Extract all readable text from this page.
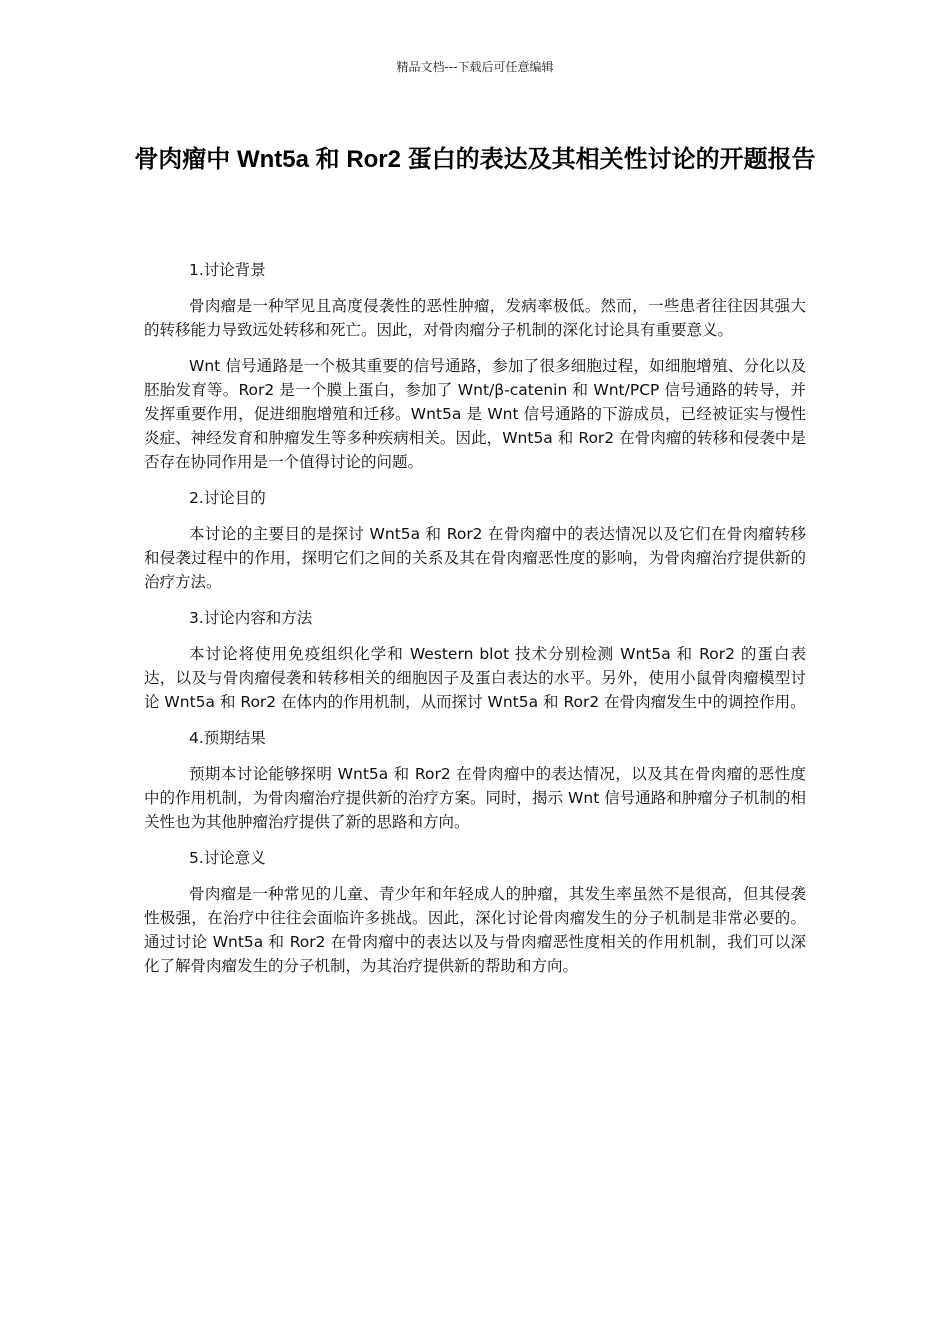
精品文档---下载后可任意编辑
骨肉瘤中 Wnt5a 和 Ror2 蛋白的表达及其相关性讨论的开题报告
1.讨论背景
骨肉瘤是一种罕见且高度侵袭性的恶性肿瘤，发病率极低。然而，一些患者往往因其强大的转移能力导致远处转移和死亡。因此，对骨肉瘤分子机制的深化讨论具有重要意义。
Wnt 信号通路是一个极其重要的信号通路，参加了很多细胞过程，如细胞增殖、分化以及胚胎发育等。Ror2 是一个膜上蛋白，参加了 Wnt/β-catenin 和 Wnt/PCP 信号通路的转导，并发挥重要作用，促进细胞增殖和迁移。Wnt5a 是 Wnt 信号通路的下游成员，已经被证实与慢性炎症、神经发育和肿瘤发生等多种疾病相关。因此，Wnt5a 和 Ror2 在骨肉瘤的转移和侵袭中是否存在协同作用是一个值得讨论的问题。
2.讨论目的
本讨论的主要目的是探讨 Wnt5a 和 Ror2 在骨肉瘤中的表达情况以及它们在骨肉瘤转移和侵袭过程中的作用，探明它们之间的关系及其在骨肉瘤恶性度的影响，为骨肉瘤治疗提供新的治疗方法。
3.讨论内容和方法
本讨论将使用免疫组织化学和 Western blot 技术分别检测 Wnt5a 和 Ror2 的蛋白表达，以及与骨肉瘤侵袭和转移相关的细胞因子及蛋白表达的水平。另外，使用小鼠骨肉瘤模型讨论 Wnt5a 和 Ror2 在体内的作用机制，从而探讨 Wnt5a 和 Ror2 在骨肉瘤发生中的调控作用。
4.预期结果
预期本讨论能够探明 Wnt5a 和 Ror2 在骨肉瘤中的表达情况，以及其在骨肉瘤的恶性度中的作用机制，为骨肉瘤治疗提供新的治疗方案。同时，揭示 Wnt 信号通路和肿瘤分子机制的相关性也为其他肿瘤治疗提供了新的思路和方向。
5.讨论意义
骨肉瘤是一种常见的儿童、青少年和年轻成人的肿瘤，其发生率虽然不是很高，但其侵袭性极强，在治疗中往往会面临许多挑战。因此，深化讨论骨肉瘤发生的分子机制是非常必要的。通过讨论 Wnt5a 和 Ror2 在骨肉瘤中的表达以及与骨肉瘤恶性度相关的作用机制，我们可以深化了解骨肉瘤发生的分子机制，为其治疗提供新的帮助和方向。
